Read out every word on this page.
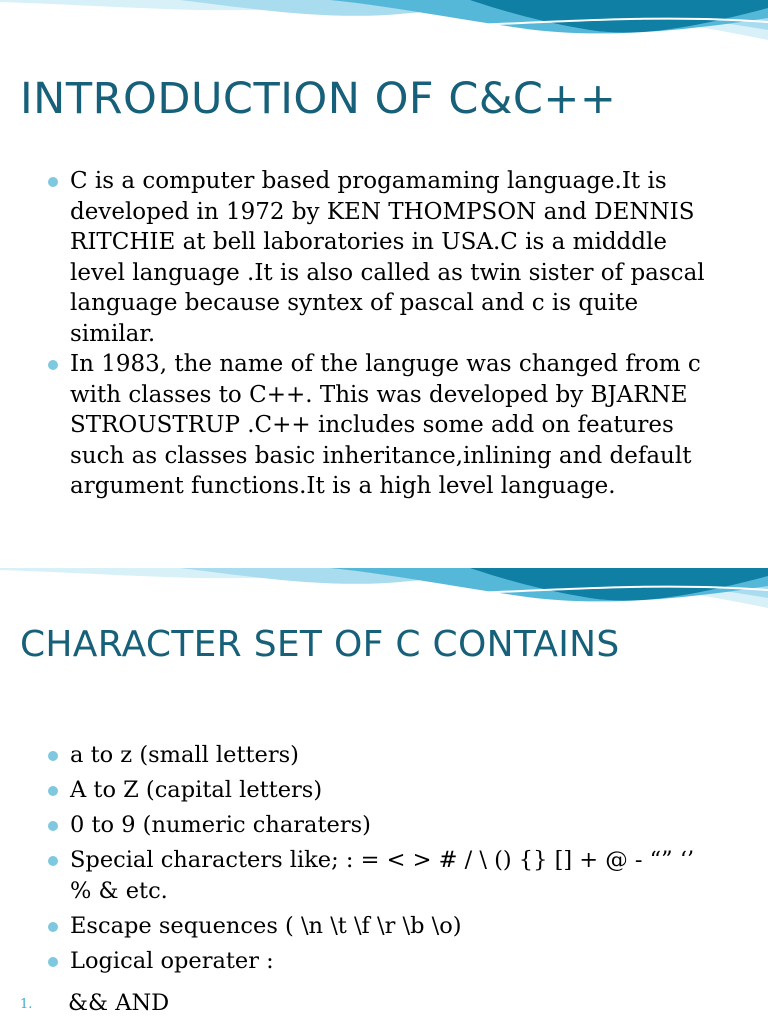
INTRODUCTION OF C&C++
C is a computer based progamaming language.It is developed in 1972 by KEN THOMPSON and DENNIS RITCHIE at bell laboratories in USA.C is a midddle level language .It is also called as twin sister of pascal language because syntex of pascal and c is quite similar.
In 1983, the name of the languge was changed from c with classes to C++. This was developed by BJARNE STROUSTRUP .C++ includes some add on features such as classes basic inheritance,inlining and default argument functions.It is a high level language.
CHARACTER SET OF C CONTAINS
a to z (small letters)
A to Z (capital letters)
0 to 9 (numeric charaters)
Special characters like; : = < > # / \ () {} [] + @ - “” ‘’ % & etc.
Escape sequences ( \n \t \f \r \b \o)
Logical operater :
1. && AND
